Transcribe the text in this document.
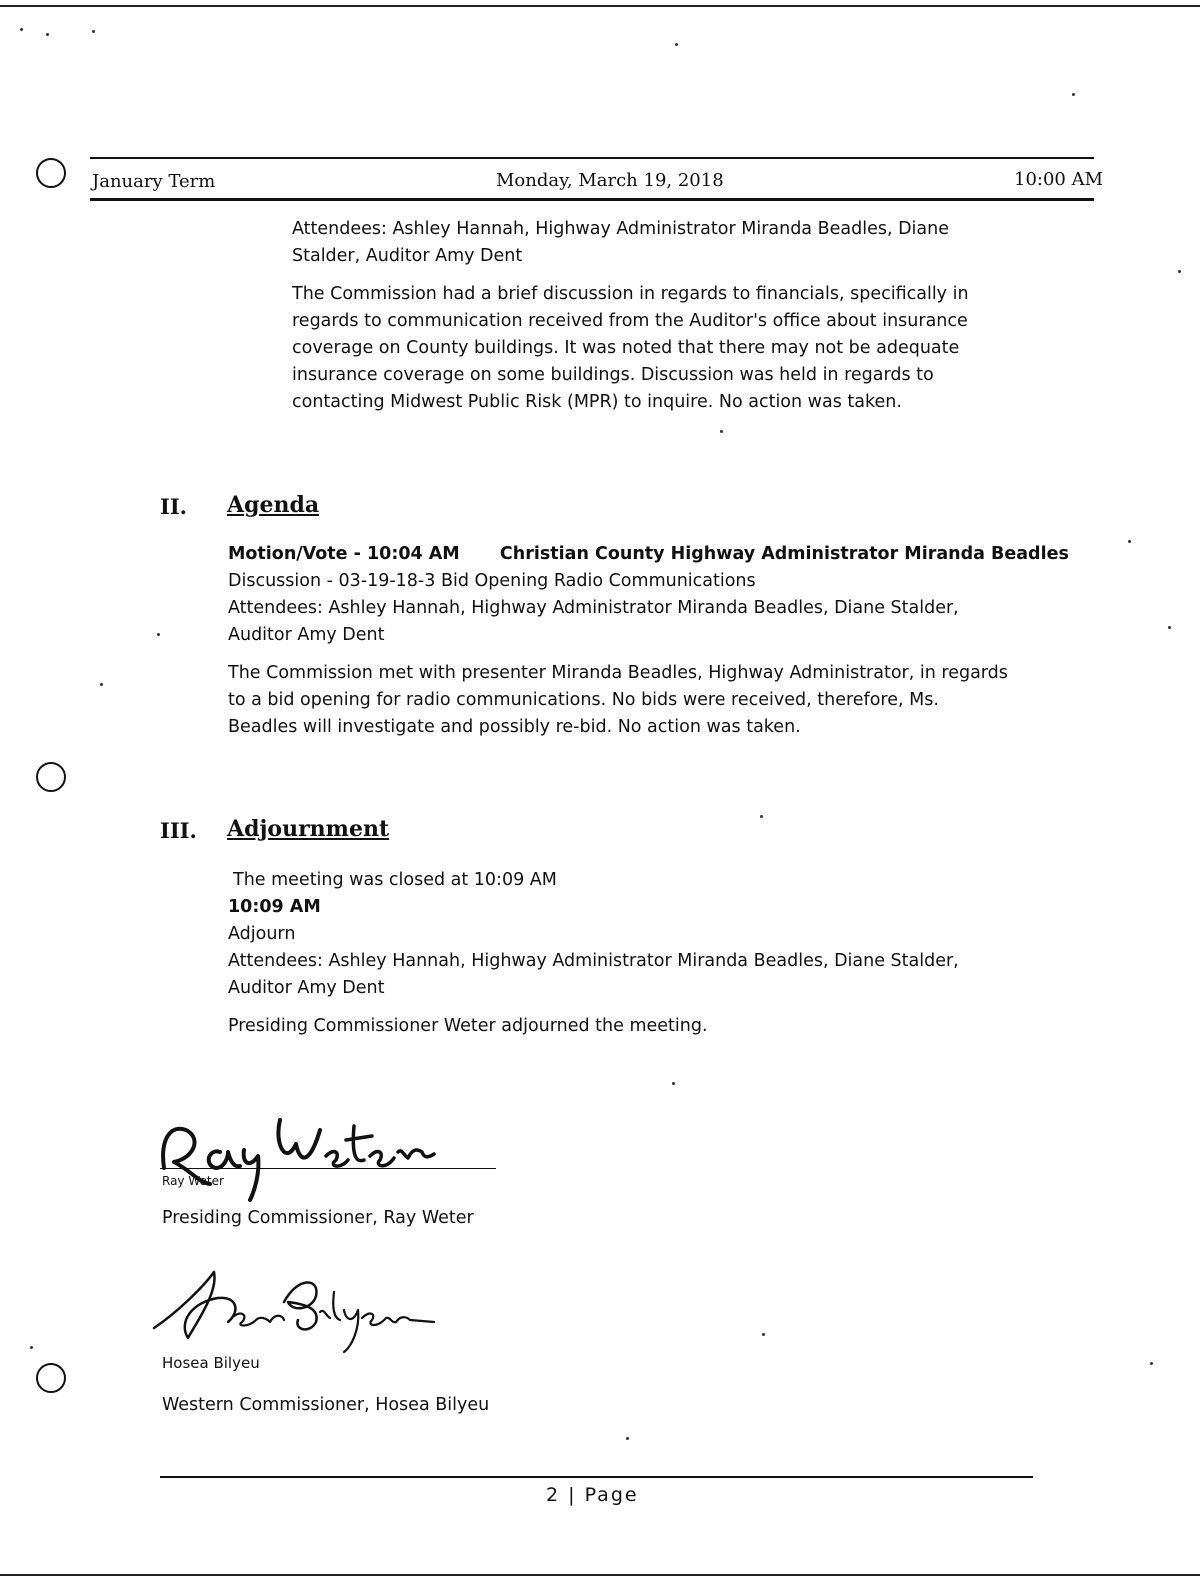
January Term	Monday, March 19, 2018	10:00 AM

Attendees: Ashley Hannah, Highway Administrator Miranda Beadles, Diane Stalder, Auditor Amy Dent

The Commission had a brief discussion in regards to financials, specifically in regards to communication received from the Auditor's office about insurance coverage on County buildings. It was noted that there may not be adequate insurance coverage on some buildings. Discussion was held in regards to contacting Midwest Public Risk (MPR) to inquire. No action was taken.

II. Agenda

Motion/Vote - 10:04 AM Christian County Highway Administrator Miranda Beadles

Discussion - 03-19-18-3 Bid Opening Radio Communications

Attendees: Ashley Hannah, Highway Administrator Miranda Beadles, Diane Stalder, Auditor Amy Dent

The Commission met with presenter Miranda Beadles, Highway Administrator, in regards to a bid opening for radio communications. No bids were received, therefore, Ms. Beadles will investigate and possibly re-bid. No action was taken.

III. Adjournment

The meeting was closed at 10:09 AM

10:09 AM

Adjourn

Attendees: Ashley Hannah, Highway Administrator Miranda Beadles, Diane Stalder, Auditor Amy Dent

Presiding Commissioner Weter adjourned the meeting.

Ray Weter
Presiding Commissioner, Ray Weter
Hosea Bilyeu
Western Commissioner, Hosea Bilyeu
2 | Page
